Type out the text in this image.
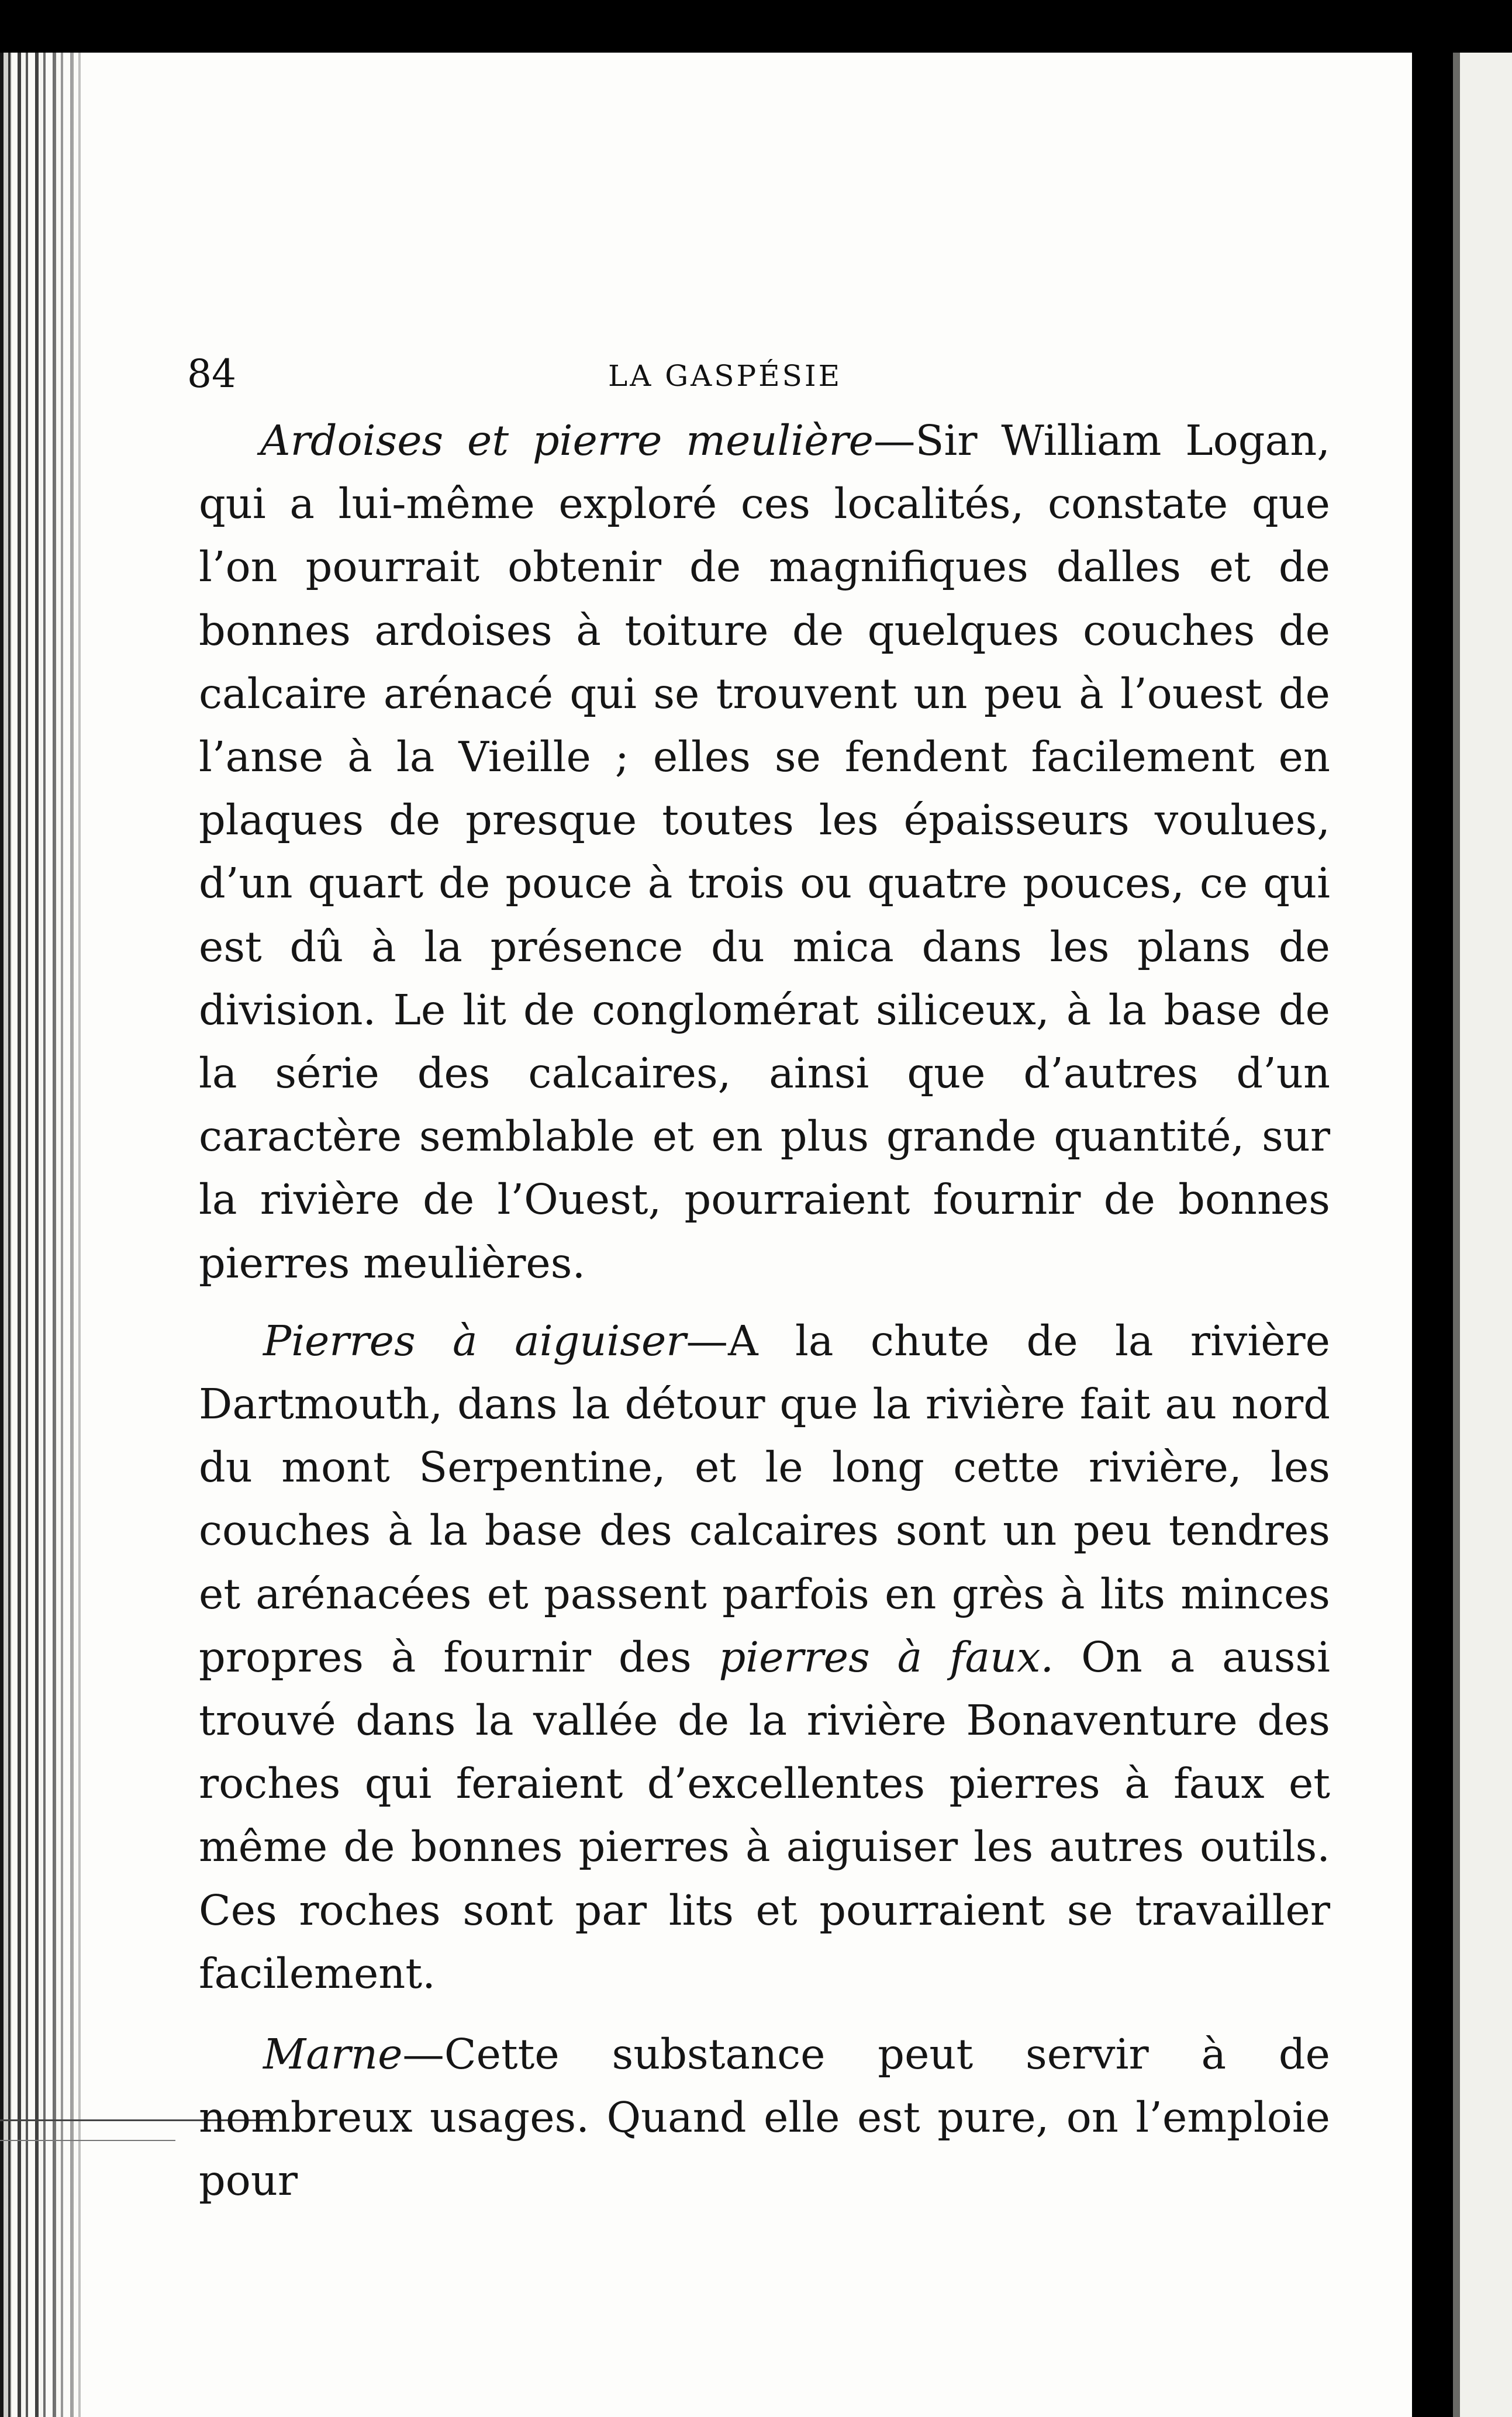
84	LA GASPÉSIE

Ardoises et pierre meulière—Sir William Logan, qui a lui-même exploré ces localités, constate que l’on pourrait obtenir de magnifiques dalles et de bonnes ardoises à toiture de quelques couches de calcaire arénacé qui se trouvent un peu à l’ouest de l’anse à la Vieille ; elles se fendent facilement en plaques de presque toutes les épaisseurs voulues, d’un quart de pouce à trois ou quatre pouces, ce qui est dû à la présence du mica dans les plans de division. Le lit de conglomérat siliceux, à la base de la série des calcaires, ainsi que d’autres d’un caractère semblable et en plus grande quantité, sur la rivière de l’Ouest, pourraient fournir de bonnes pierres meulières.

Pierres à aiguiser—A la chute de la rivière Dartmouth, dans la détour que la rivière fait au nord du mont Serpentine, et le long cette rivière, les couches à la base des calcaires sont un peu tendres et arénacées et passent parfois en grès à lits minces propres à fournir des pierres à faux. On a aussi trouvé dans la vallée de la rivière Bonaventure des roches qui feraient d’excellentes pierres à faux et même de bonnes pierres à aiguiser les autres outils. Ces roches sont par lits et pourraient se travailler facilement.

Marne—Cette substance peut servir à de nombreux usages. Quand elle est pure, on l’emploie pour
